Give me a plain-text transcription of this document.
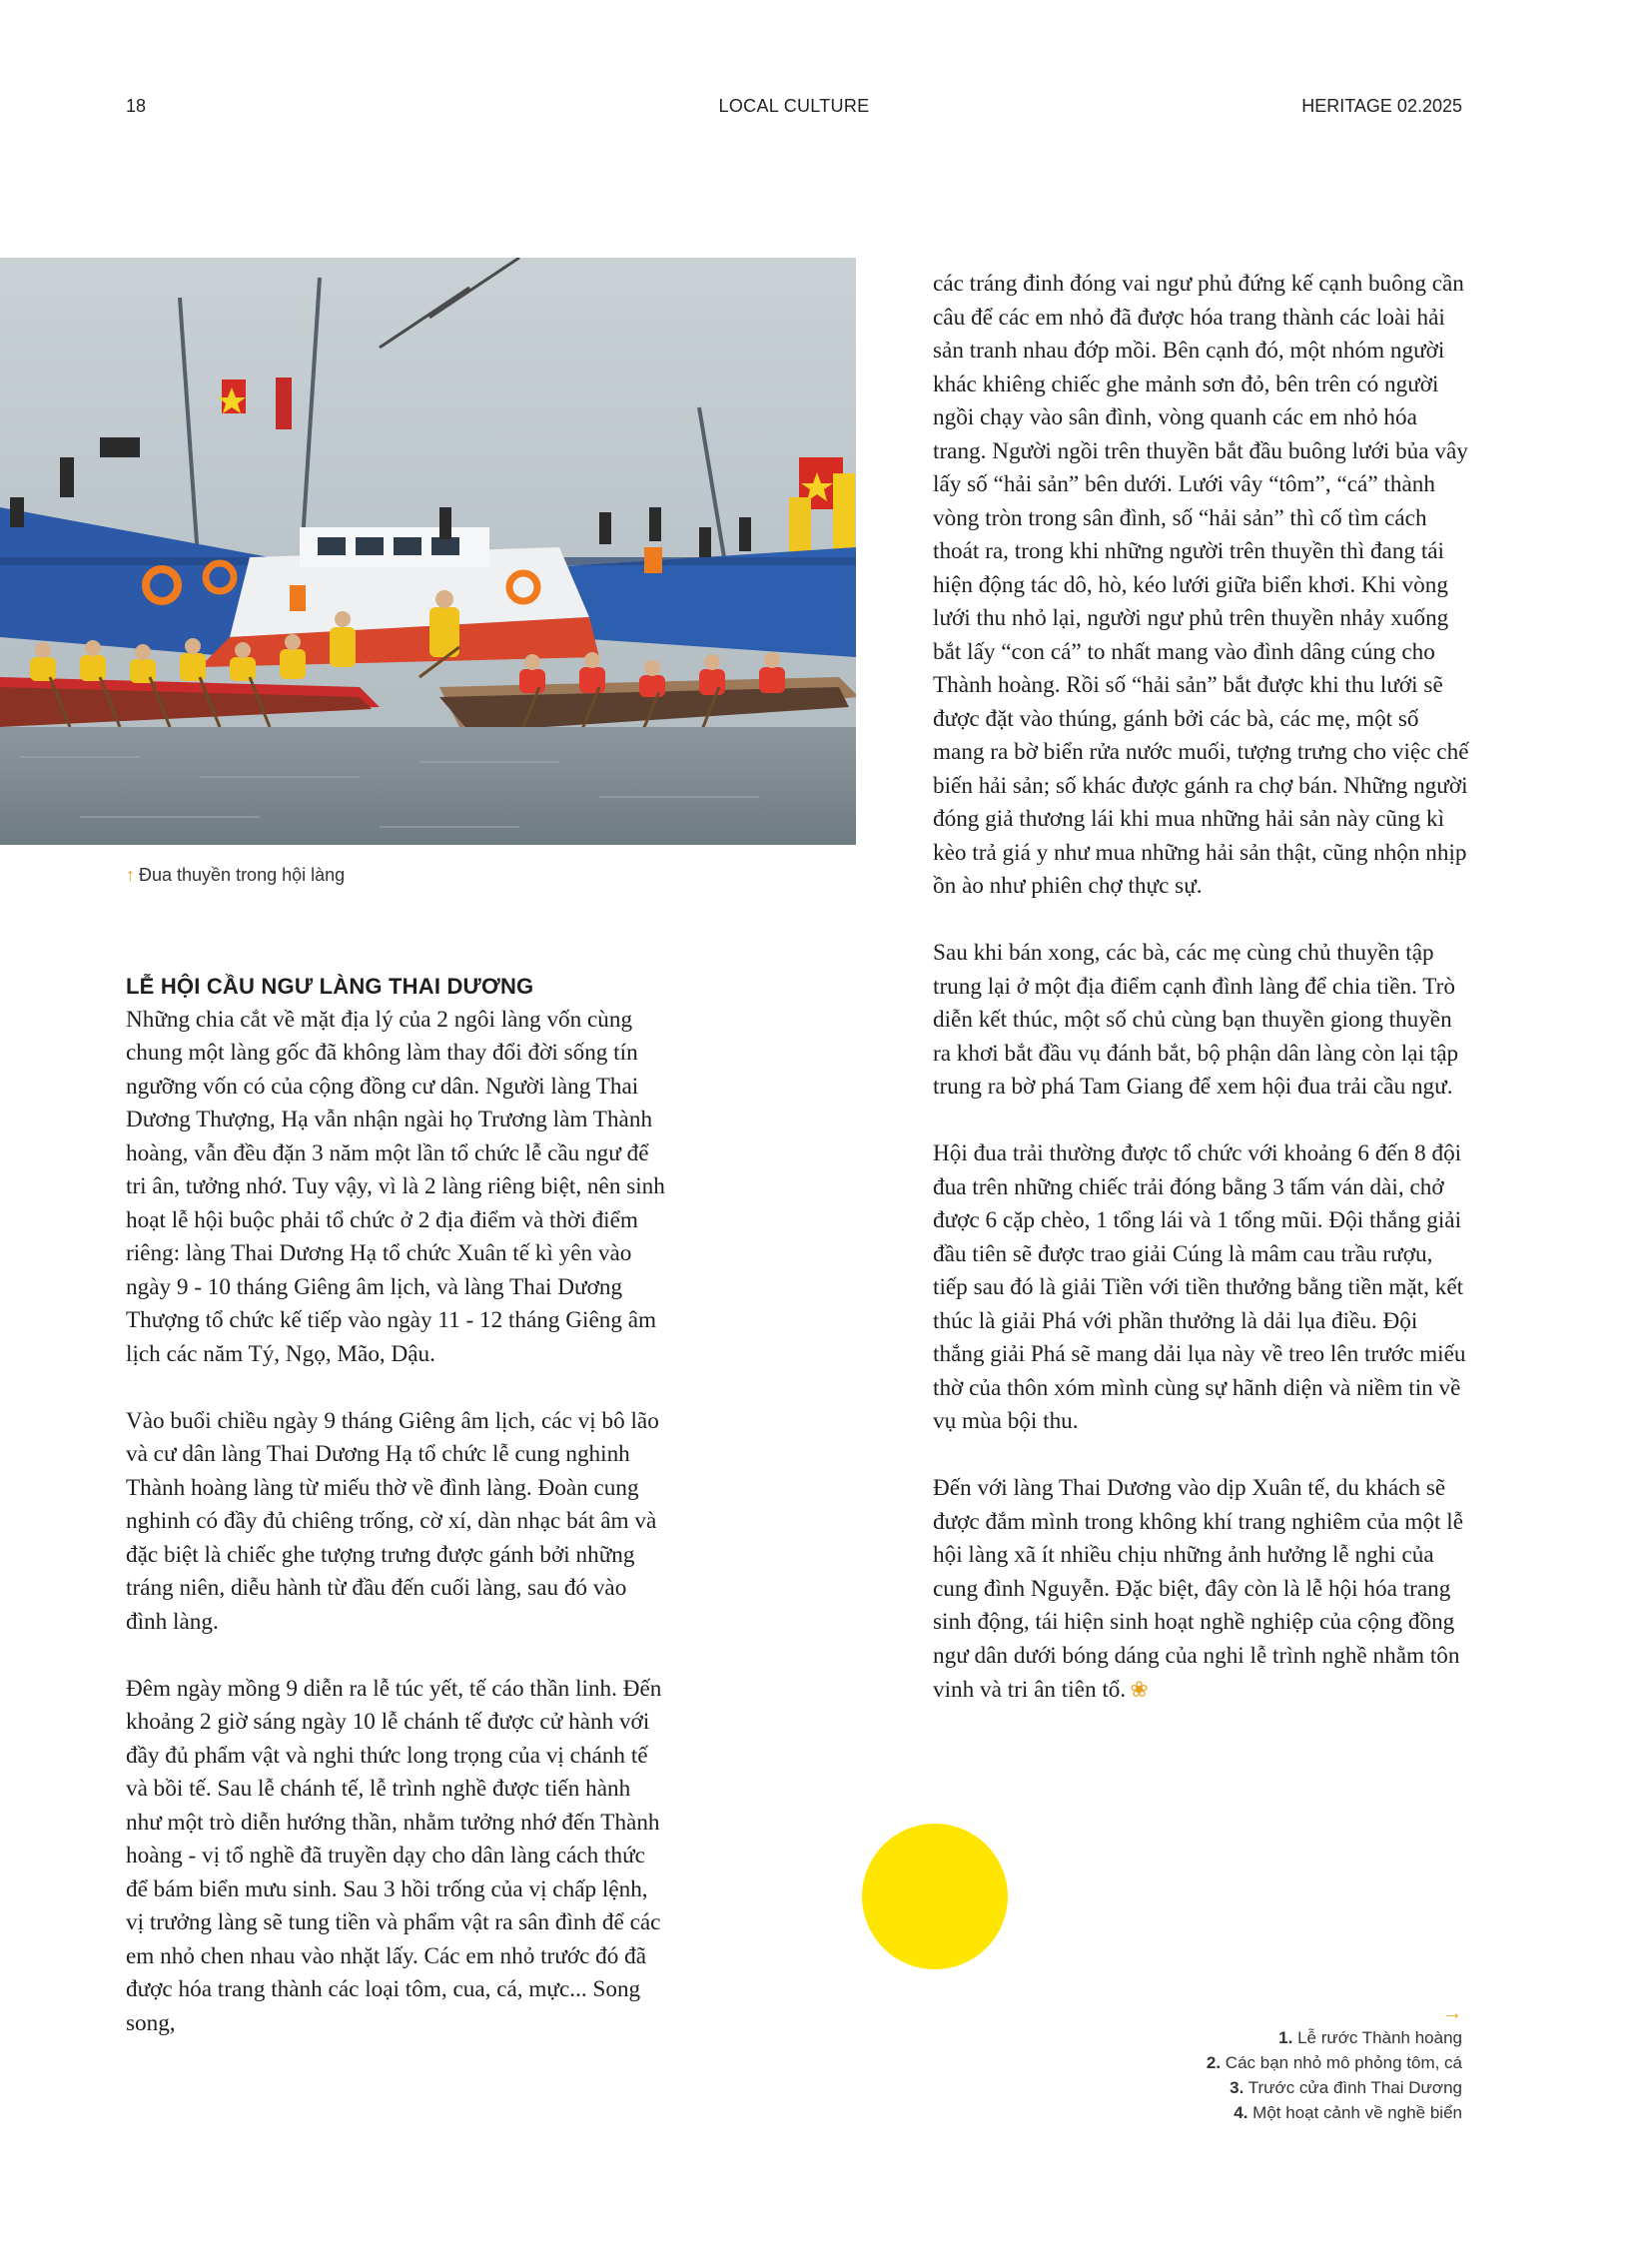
18	LOCAL CULTURE	HERITAGE 02.2025
↑ Đua thuyền trong hội làng
LỄ HỘI CẦU NGƯ LÀNG THAI DƯƠNG

Những chia cắt về mặt địa lý của 2 ngôi làng vốn cùng chung một làng gốc đã không làm thay đổi đời sống tín ngưỡng vốn có của cộng đồng cư dân. Người làng Thai Dương Thượng, Hạ vẫn nhận ngài họ Trương làm Thành hoàng, vẫn đều đặn 3 năm một lần tổ chức lễ cầu ngư để tri ân, tưởng nhớ. Tuy vậy, vì là 2 làng riêng biệt, nên sinh hoạt lễ hội buộc phải tổ chức ở 2 địa điểm và thời điểm riêng: làng Thai Dương Hạ tổ chức Xuân tế kì yên vào ngày 9 - 10 tháng Giêng âm lịch, và làng Thai Dương Thượng tổ chức kế tiếp vào ngày 11 - 12 tháng Giêng âm lịch các năm Tý, Ngọ, Mão, Dậu.

Vào buổi chiều ngày 9 tháng Giêng âm lịch, các vị bô lão và cư dân làng Thai Dương Hạ tổ chức lễ cung nghinh Thành hoàng làng từ miếu thờ về đình làng. Đoàn cung nghinh có đầy đủ chiêng trống, cờ xí, dàn nhạc bát âm và đặc biệt là chiếc ghe tượng trưng được gánh bởi những tráng niên, diễu hành từ đầu đến cuối làng, sau đó vào đình làng.

Đêm ngày mồng 9 diễn ra lễ túc yết, tế cáo thần linh. Đến khoảng 2 giờ sáng ngày 10 lễ chánh tế được cử hành với đầy đủ phẩm vật và nghi thức long trọng của vị chánh tế và bồi tế. Sau lễ chánh tế, lễ trình nghề được tiến hành như một trò diễn hướng thần, nhằm tưởng nhớ đến Thành hoàng - vị tổ nghề đã truyền dạy cho dân làng cách thức để bám biển mưu sinh. Sau 3 hồi trống của vị chấp lệnh, vị trưởng làng sẽ tung tiền và phẩm vật ra sân đình để các em nhỏ chen nhau vào nhặt lấy. Các em nhỏ trước đó đã được hóa trang thành các loại tôm, cua, cá, mực... Song song,

các tráng đinh đóng vai ngư phủ đứng kế cạnh buông cần câu để các em nhỏ đã được hóa trang thành các loài hải sản tranh nhau đớp mồi. Bên cạnh đó, một nhóm người khác khiêng chiếc ghe mảnh sơn đỏ, bên trên có người ngồi chạy vào sân đình, vòng quanh các em nhỏ hóa trang. Người ngồi trên thuyền bắt đầu buông lưới bủa vây lấy số “hải sản” bên dưới. Lưới vây “tôm”, “cá” thành vòng tròn trong sân đình, số “hải sản” thì cố tìm cách thoát ra, trong khi những người trên thuyền thì đang tái hiện động tác dô, hò, kéo lưới giữa biển khơi. Khi vòng lưới thu nhỏ lại, người ngư phủ trên thuyền nhảy xuống bắt lấy “con cá” to nhất mang vào đình dâng cúng cho Thành hoàng. Rồi số “hải sản” bắt được khi thu lưới sẽ được đặt vào thúng, gánh bởi các bà, các mẹ, một số mang ra bờ biển rửa nước muối, tượng trưng cho việc chế biến hải sản; số khác được gánh ra chợ bán. Những người đóng giả thương lái khi mua những hải sản này cũng kì kèo trả giá y như mua những hải sản thật, cũng nhộn nhịp ồn ào như phiên chợ thực sự.

Sau khi bán xong, các bà, các mẹ cùng chủ thuyền tập trung lại ở một địa điểm cạnh đình làng để chia tiền. Trò diễn kết thúc, một số chủ cùng bạn thuyền giong thuyền ra khơi bắt đầu vụ đánh bắt, bộ phận dân làng còn lại tập trung ra bờ phá Tam Giang để xem hội đua trải cầu ngư.

Hội đua trải thường được tổ chức với khoảng 6 đến 8 đội đua trên những chiếc trải đóng bằng 3 tấm ván dài, chở được 6 cặp chèo, 1 tổng lái và 1 tổng mũi. Đội thắng giải đầu tiên sẽ được trao giải Cúng là mâm cau trầu rượu, tiếp sau đó là giải Tiền với tiền thưởng bằng tiền mặt, kết thúc là giải Phá với phần thưởng là dải lụa điều. Đội thắng giải Phá sẽ mang dải lụa này về treo lên trước miếu thờ của thôn xóm mình cùng sự hãnh diện và niềm tin về vụ mùa bội thu.

Đến với làng Thai Dương vào dịp Xuân tế, du khách sẽ được đắm mình trong không khí trang nghiêm của một lễ hội làng xã ít nhiều chịu những ảnh hưởng lễ nghi của cung đình Nguyễn. Đặc biệt, đây còn là lễ hội hóa trang sinh động, tái hiện sinh hoạt nghề nghiệp của cộng đồng ngư dân dưới bóng dáng của nghi lễ trình nghề nhằm tôn vinh và tri ân tiên tổ. ❀

→
1. Lễ rước Thành hoàng
2. Các bạn nhỏ mô phỏng tôm, cá
3. Trước cửa đình Thai Dương
4. Một hoạt cảnh về nghề biển
